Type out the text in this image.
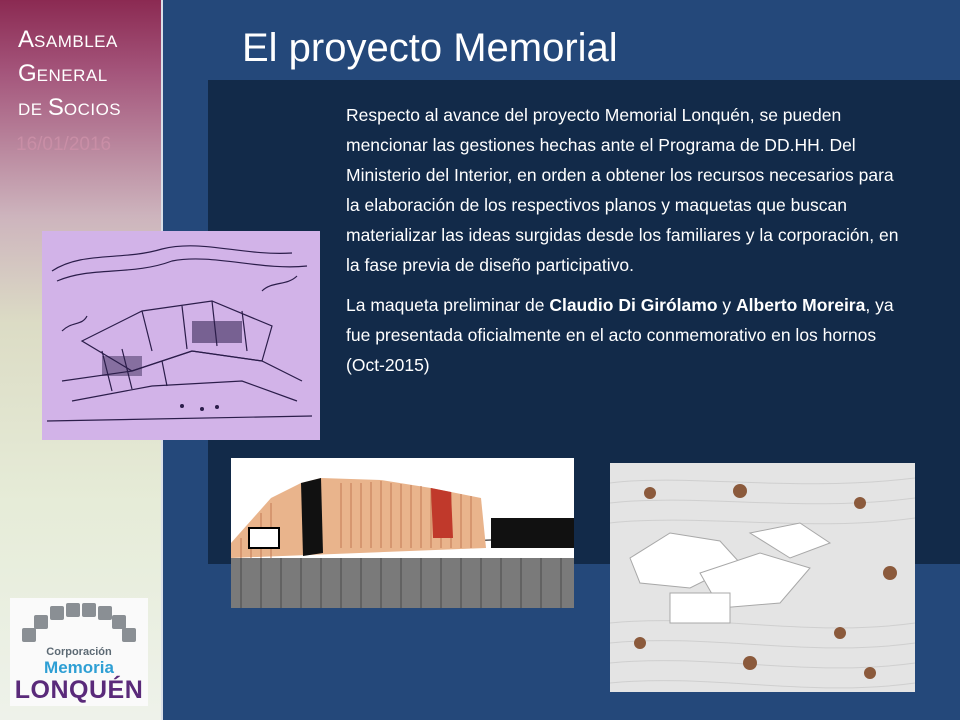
ASAMBLEA
GENERAL
DE SOCIOS
16/01/2016
El proyecto Memorial

Respecto al avance del proyecto Memorial Lonquén, se pueden mencionar las gestiones hechas ante el Programa de DD.HH. Del Ministerio del Interior, en orden a obtener los recursos necesarios para la elaboración de los respectivos planos y maquetas que buscan materializar las ideas surgidas desde los familiares y la corporación, en la fase previa de diseño participativo.

La maqueta preliminar de Claudio Di Girólamo y Alberto Moreira, ya fue presentada oficialmente en el acto conmemorativo en los hornos (Oct-2015)

Corporación
Memoria
LONQUÉN
